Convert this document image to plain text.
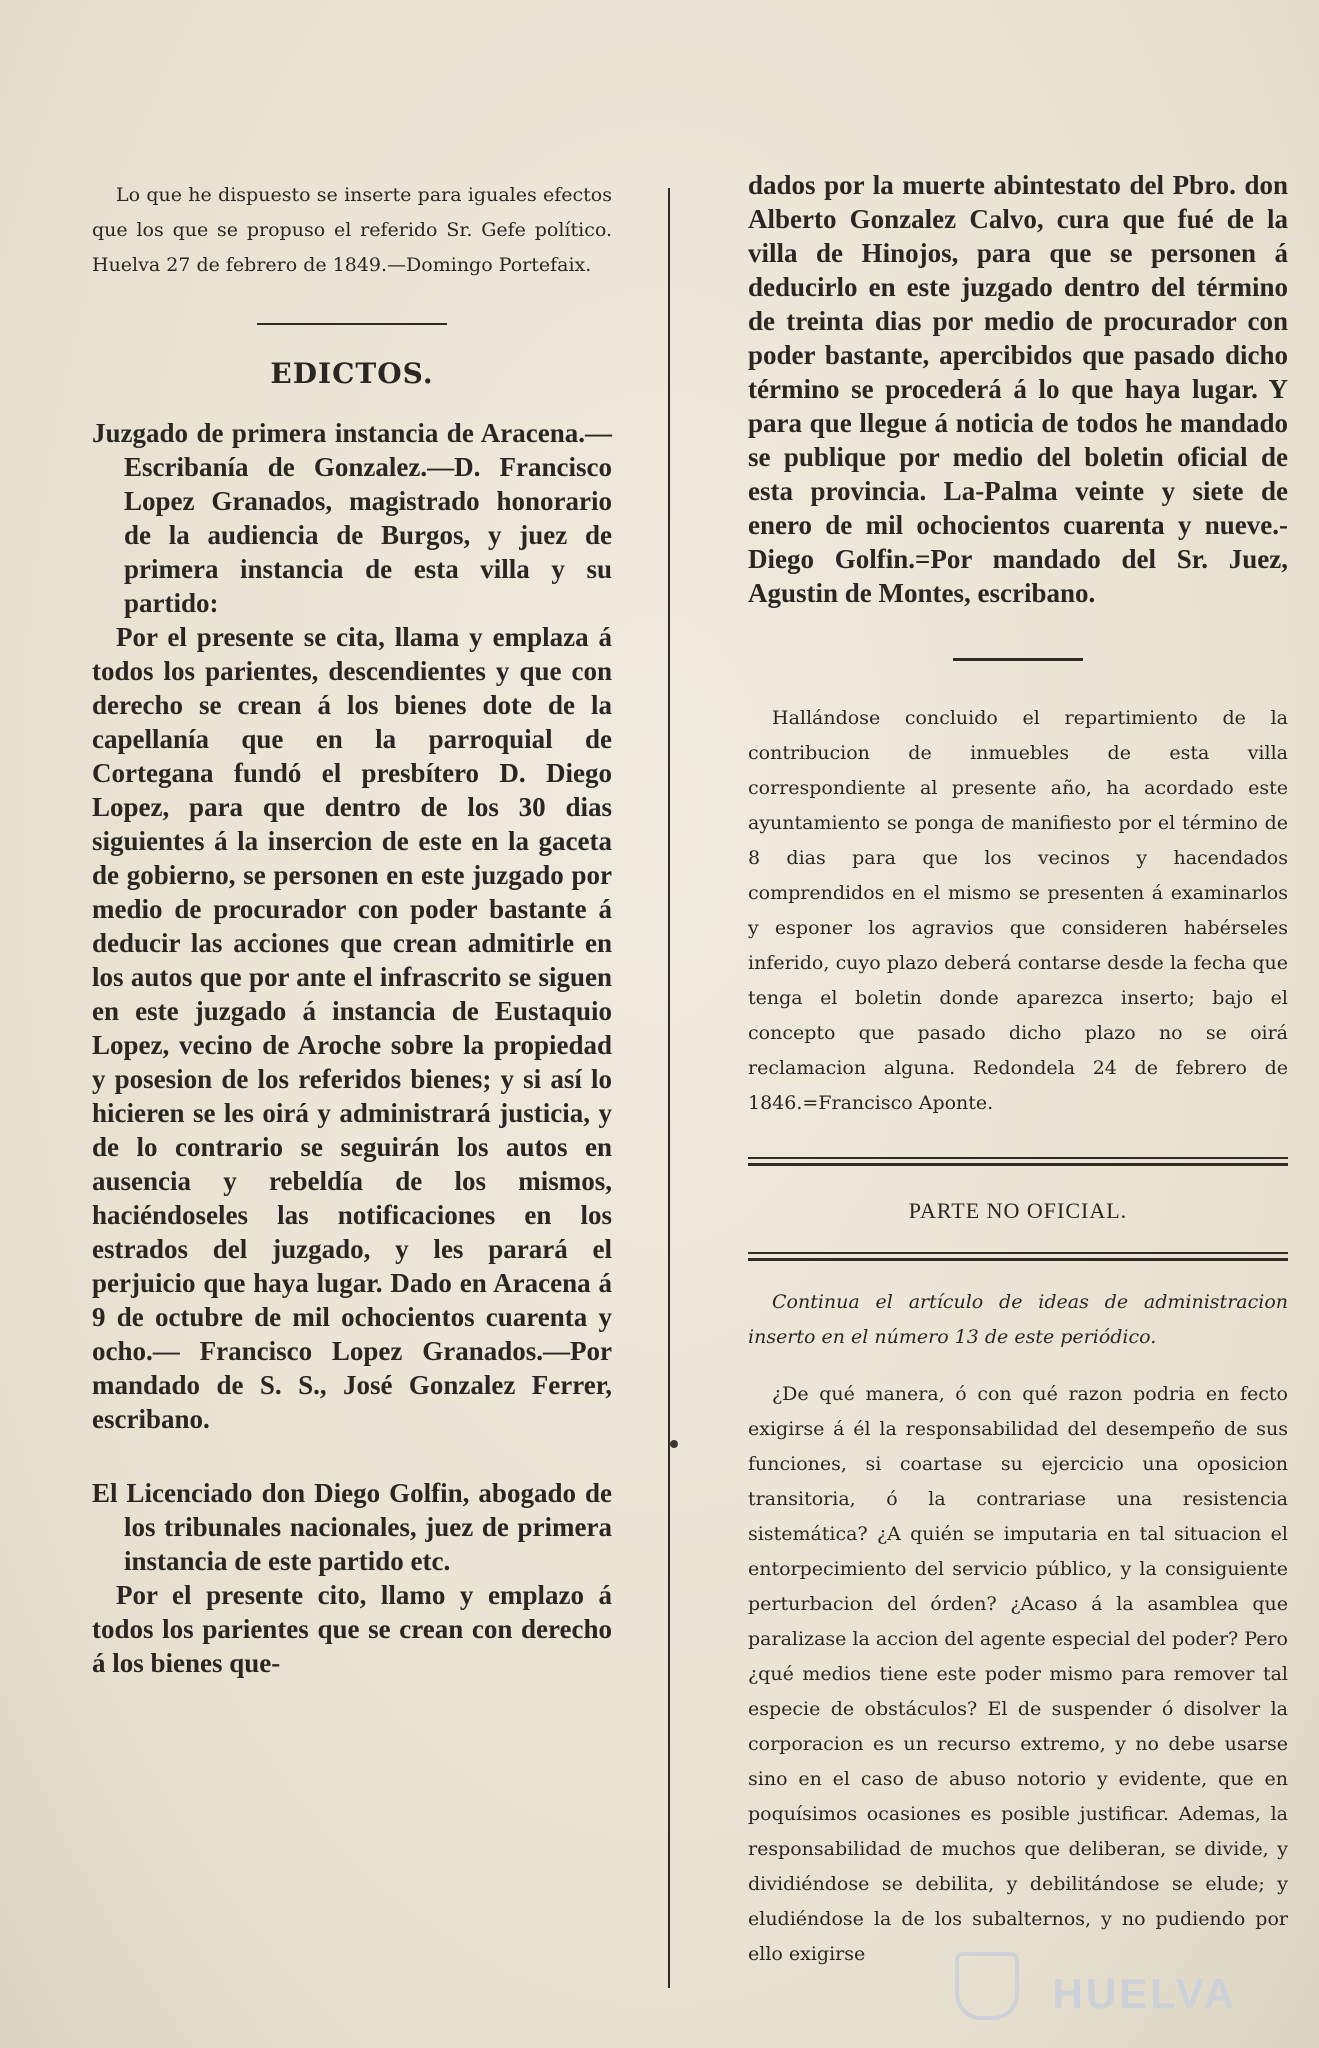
Lo que he dispuesto se inserte para iguales efectos que los que se propuso el referido Sr. Gefe político. Huelva 27 de febrero de 1849.—Domingo Portefaix.

EDICTOS.

Juzgado de primera instancia de Aracena.—Escribanía de Gonzalez.—D. Francisco Lopez Granados, magistrado honorario de la audiencia de Burgos, y juez de primera instancia de esta villa y su partido:

Por el presente se cita, llama y emplaza á todos los parientes, descendientes y que con derecho se crean á los bienes dote de la capellanía que en la parroquial de Cortegana fundó el presbítero D. Diego Lopez, para que dentro de los 30 dias siguientes á la insercion de este en la gaceta de gobierno, se personen en este juzgado por medio de procurador con poder bastante á deducir las acciones que crean admitirle en los autos que por ante el infrascrito se siguen en este juzgado á instancia de Eustaquio Lopez, vecino de Aroche sobre la propiedad y posesion de los referidos bienes; y si así lo hicieren se les oirá y administrará justicia, y de lo contrario se seguirán los autos en ausencia y rebeldía de los mismos, haciéndoseles las notificaciones en los estrados del juzgado, y les parará el perjuicio que haya lugar. Dado en Aracena á 9 de octubre de mil ochocientos cuarenta y ocho.— Francisco Lopez Granados.—Por mandado de S. S., José Gonzalez Ferrer, escribano.

El Licenciado don Diego Golfin, abogado de los tribunales nacionales, juez de primera instancia de este partido etc.

Por el presente cito, llamo y emplazo á todos los parientes que se crean con derecho á los bienes que-

dados por la muerte abintestato del Pbro. don Alberto Gonzalez Calvo, cura que fué de la villa de Hinojos, para que se personen á deducirlo en este juzgado dentro del término de treinta dias por medio de procurador con poder bastante, apercibidos que pasado dicho término se procederá á lo que haya lugar. Y para que llegue á noticia de todos he mandado se publique por medio del boletin oficial de esta provincia. La-Palma veinte y siete de enero de mil ochocientos cuarenta y nueve.-Diego Golfin.=Por mandado del Sr. Juez, Agustin de Montes, escribano.

Hallándose concluido el repartimiento de la contribucion de inmuebles de esta villa correspondiente al presente año, ha acordado este ayuntamiento se ponga de manifiesto por el término de 8 dias para que los vecinos y hacendados comprendidos en el mismo se presenten á examinarlos y esponer los agravios que consideren habérseles inferido, cuyo plazo deberá contarse desde la fecha que tenga el boletin donde aparezca inserto; bajo el concepto que pasado dicho plazo no se oirá reclamacion alguna. Redondela 24 de febrero de 1846.=Francisco Aponte.

PARTE NO OFICIAL.

Continua el artículo de ideas de administracion inserto en el número 13 de este periódico.

¿De qué manera, ó con qué razon podria en fecto exigirse á él la responsabilidad del desempeño de sus funciones, si coartase su ejercicio una oposicion transitoria, ó la contrariase una resistencia sistemática? ¿A quién se imputaria en tal situacion el entorpecimiento del servicio público, y la consiguiente perturbacion del órden? ¿Acaso á la asamblea que paralizase la accion del agente especial del poder? Pero ¿qué medios tiene este poder mismo para remover tal especie de obstáculos? El de suspender ó disolver la corporacion es un recurso extremo, y no debe usarse sino en el caso de abuso notorio y evidente, que en poquísimos ocasiones es posible justificar. Ademas, la responsabilidad de muchos que deliberan, se divide, y dividiéndose se debilita, y debilitándose se elude; y eludiéndose la de los subalternos, y no pudiendo por ello exigirse

HUELVA
